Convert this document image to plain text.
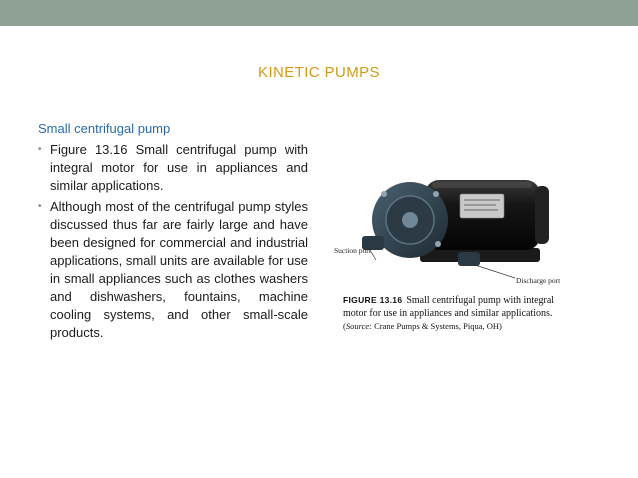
KINETIC PUMPS
Small centrifugal pump
• Figure 13.16 Small centrifugal pump with integral motor for use in appliances and similar applications.
• Although most of the centrifugal pump styles discussed thus far are fairly large and have been designed for commercial and industrial applications, small units are available for use in small appliances such as clothes washers and dishwashers, fountains, machine cooling systems, and other small-scale products.
Suction port
Discharge port
FIGURE 13.16 Small centrifugal pump with integral motor for use in appliances and similar applications.
(Source: Crane Pumps & Systems, Piqua, OH)
